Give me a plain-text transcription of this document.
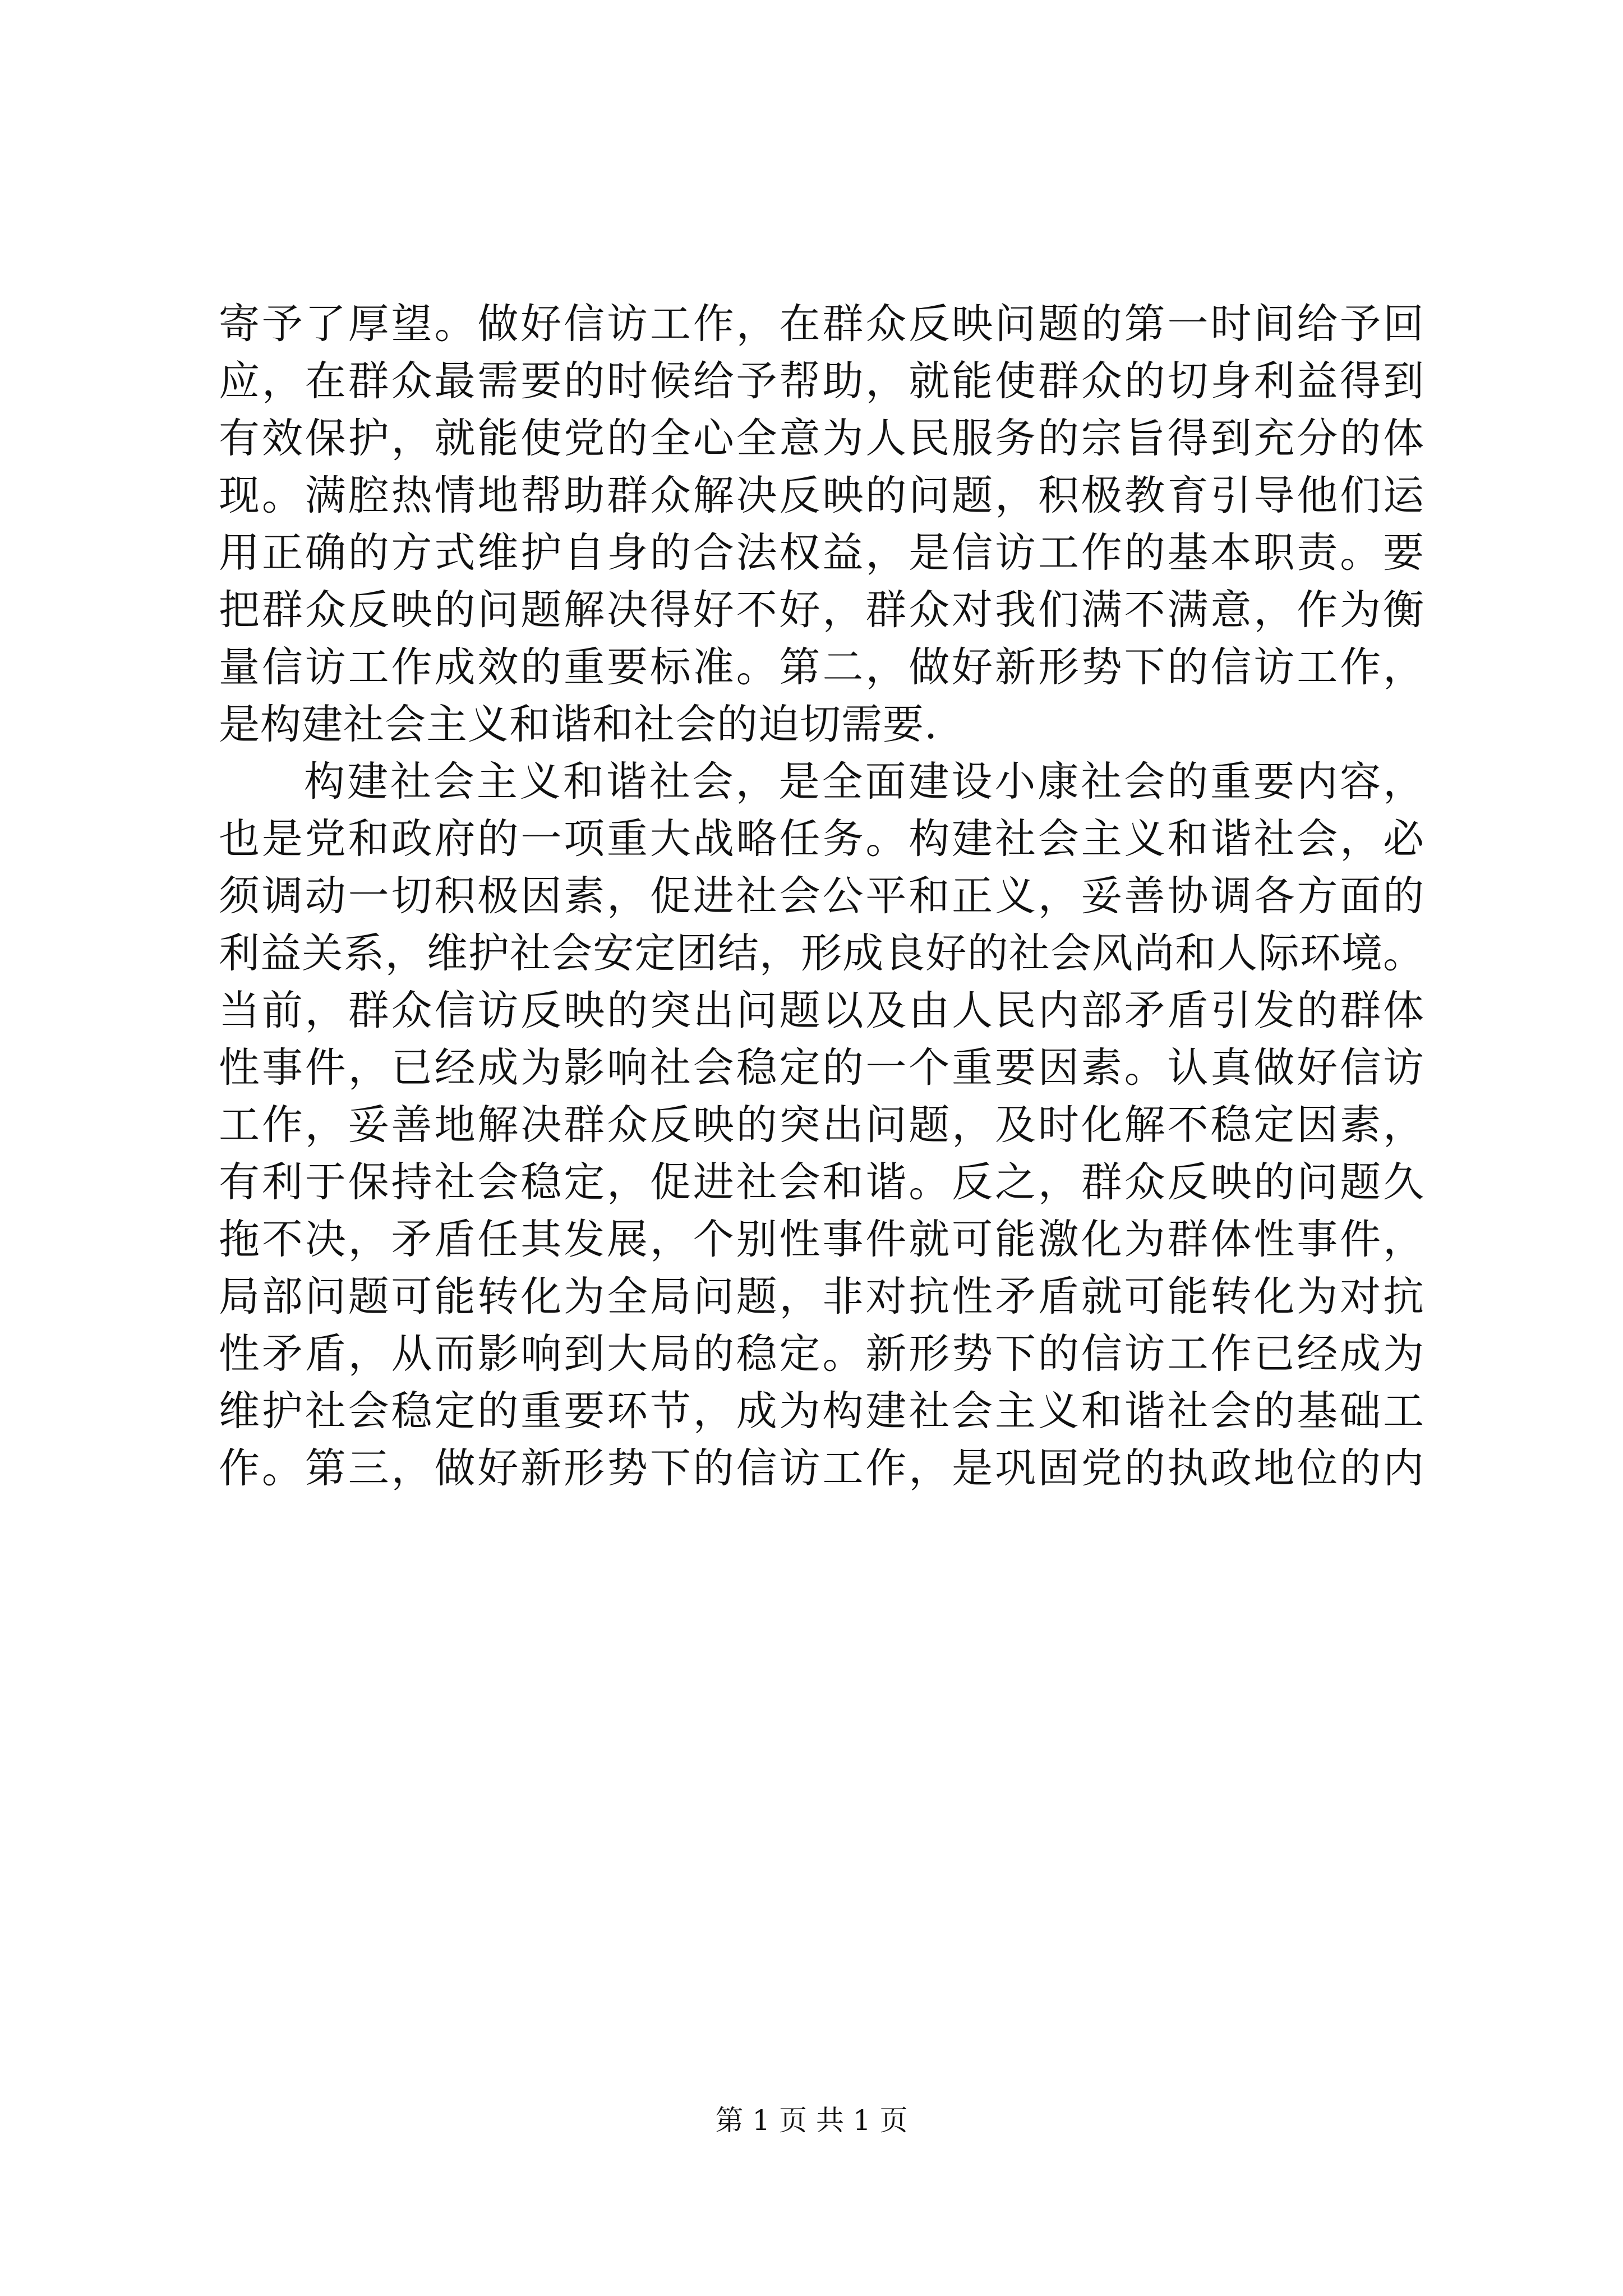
寄予了厚望。做好信访工作，在群众反映问题的第一时间给予回
应，在群众最需要的时候给予帮助，就能使群众的切身利益得到
有效保护，就能使党的全心全意为人民服务的宗旨得到充分的体
现。满腔热情地帮助群众解决反映的问题，积极教育引导他们运
用正确的方式维护自身的合法权益，是信访工作的基本职责。要
把群众反映的问题解决得好不好，群众对我们满不满意，作为衡
量信访工作成效的重要标准。第二，做好新形势下的信访工作，
是构建社会主义和谐和社会的迫切需要.
构建社会主义和谐社会，是全面建设小康社会的重要内容，
也是党和政府的一项重大战略任务。构建社会主义和谐社会，必
须调动一切积极因素，促进社会公平和正义，妥善协调各方面的
利益关系，维护社会安定团结，形成良好的社会风尚和人际环境。
当前，群众信访反映的突出问题以及由人民内部矛盾引发的群体
性事件，已经成为影响社会稳定的一个重要因素。认真做好信访
工作，妥善地解决群众反映的突出问题，及时化解不稳定因素，
有利于保持社会稳定，促进社会和谐。反之，群众反映的问题久
拖不决，矛盾任其发展，个别性事件就可能激化为群体性事件，
局部问题可能转化为全局问题，非对抗性矛盾就可能转化为对抗
性矛盾，从而影响到大局的稳定。新形势下的信访工作已经成为
维护社会稳定的重要环节，成为构建社会主义和谐社会的基础工
作。第三，做好新形势下的信访工作，是巩固党的执政地位的内
第 1 页 共 1 页
